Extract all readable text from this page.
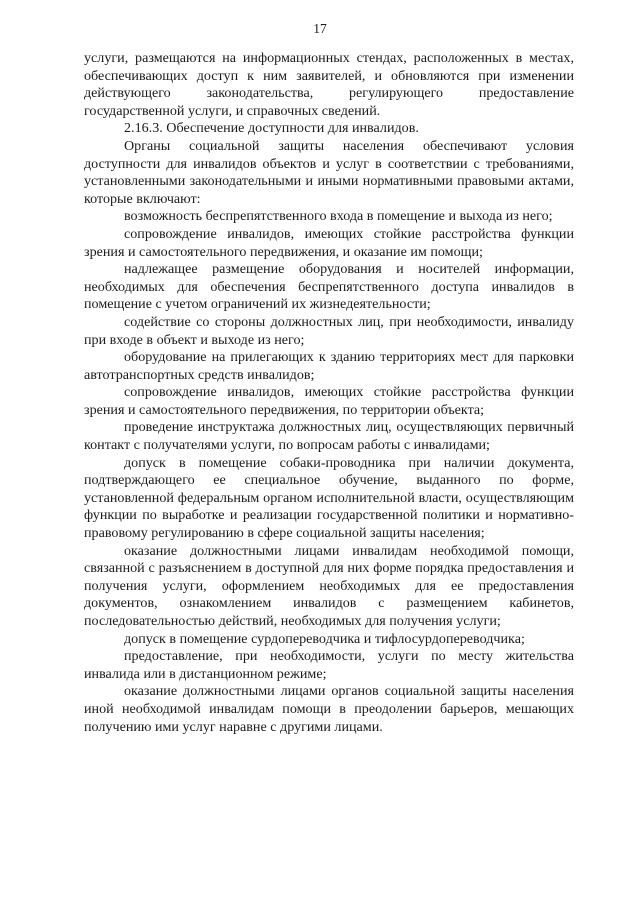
17

услуги, размещаются на информационных стендах, расположенных в местах, обеспечивающих доступ к ним заявителей, и обновляются при изменении действующего законодательства, регулирующего предоставление государственной услуги, и справочных сведений.

2.16.3. Обеспечение доступности для инвалидов.

Органы социальной защиты населения обеспечивают условия доступности для инвалидов объектов и услуг в соответствии с требованиями, установленными законодательными и иными нормативными правовыми актами, которые включают:

возможность беспрепятственного входа в помещение и выхода из него;

сопровождение инвалидов, имеющих стойкие расстройства функции зрения и самостоятельного передвижения, и оказание им помощи;

надлежащее размещение оборудования и носителей информации, необходимых для обеспечения беспрепятственного доступа инвалидов в помещение с учетом ограничений их жизнедеятельности;

содействие со стороны должностных лиц, при необходимости, инвалиду при входе в объект и выходе из него;

оборудование на прилегающих к зданию территориях мест для парковки автотранспортных средств инвалидов;

сопровождение инвалидов, имеющих стойкие расстройства функции зрения и самостоятельного передвижения, по территории объекта;

проведение инструктажа должностных лиц, осуществляющих первичный контакт с получателями услуги, по вопросам работы с инвалидами;

допуск в помещение собаки-проводника при наличии документа, подтверждающего ее специальное обучение, выданного по форме, установленной федеральным органом исполнительной власти, осуществляющим функции по выработке и реализации государственной политики и нормативно-правовому регулированию в сфере социальной защиты населения;

оказание должностными лицами инвалидам необходимой помощи, связанной с разъяснением в доступной для них форме порядка предоставления и получения услуги, оформлением необходимых для ее предоставления документов, ознакомлением инвалидов с размещением кабинетов, последовательностью действий, необходимых для получения услуги;

допуск в помещение сурдопереводчика и тифлосурдопереводчика;

предоставление, при необходимости, услуги по месту жительства инвалида или в дистанционном режиме;

оказание должностными лицами органов социальной защиты населения иной необходимой инвалидам помощи в преодолении барьеров, мешающих получению ими услуг наравне с другими лицами.
